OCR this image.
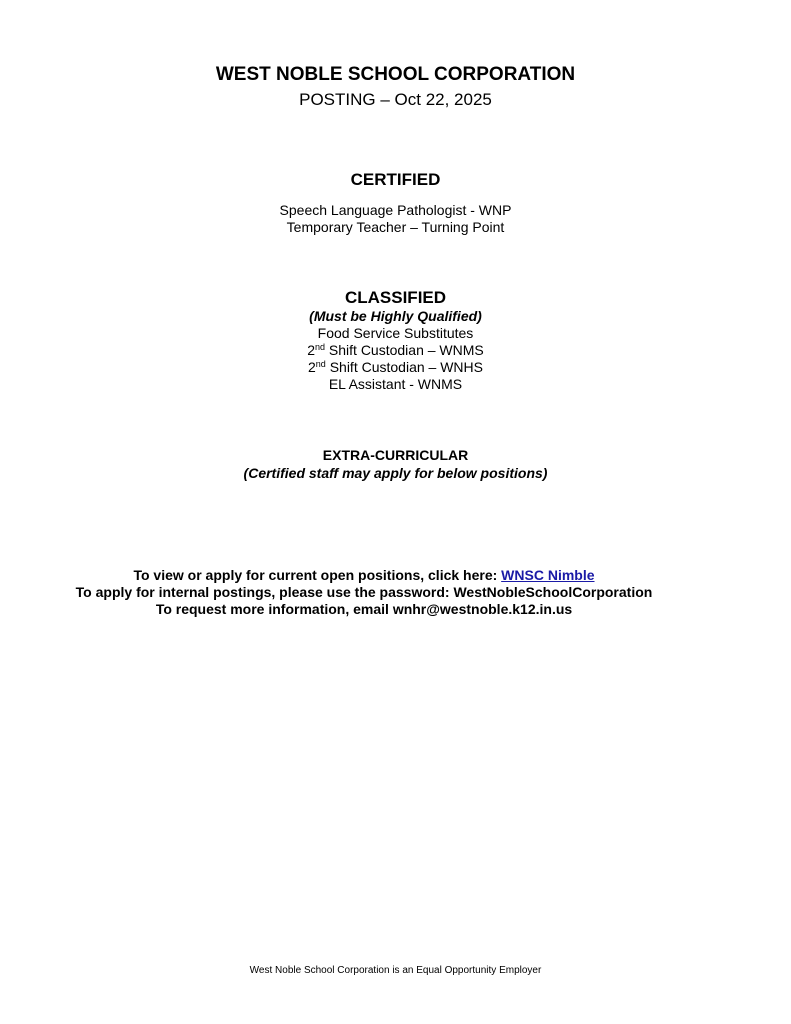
WEST NOBLE SCHOOL CORPORATION

POSTING – Oct 22, 2025

CERTIFIED

Speech Language Pathologist - WNP
Temporary Teacher – Turning Point

CLASSIFIED

(Must be Highly Qualified)
Food Service Substitutes
2nd Shift Custodian – WNMS
2nd Shift Custodian – WNHS
EL Assistant - WNMS

EXTRA-CURRICULAR

(Certified staff may apply for below positions)

To view or apply for current open positions, click here: WNSC Nimble
To apply for internal postings, please use the password: WestNobleSchoolCorporation
To request more information, email wnhr@westnoble.k12.in.us

West Noble School Corporation is an Equal Opportunity Employer
